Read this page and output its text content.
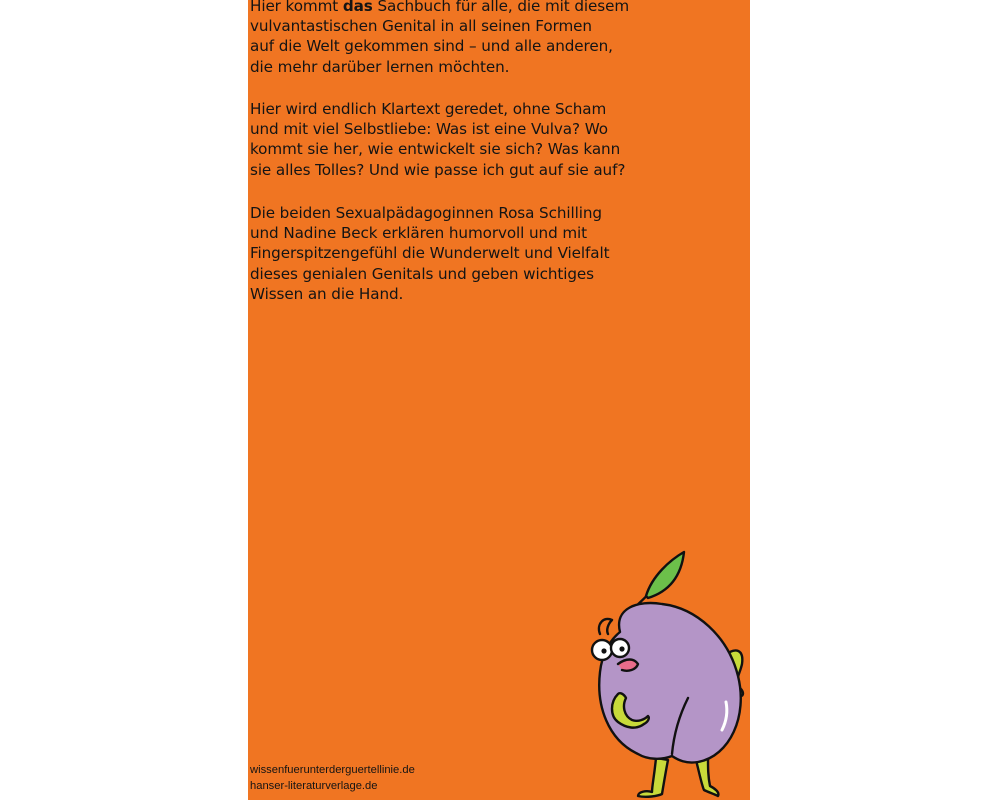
Hier kommt das Sachbuch für alle, die mit diesem
vulvantastischen Genital in all seinen Formen
auf die Welt gekommen sind – und alle anderen,
die mehr darüber lernen möchten.

Hier wird endlich Klartext geredet, ohne Scham
und mit viel Selbstliebe: Was ist eine Vulva? Wo
kommt sie her, wie entwickelt sie sich? Was kann
sie alles Tolles? Und wie passe ich gut auf sie auf?

Die beiden Sexualpädagoginnen Rosa Schilling
und Nadine Beck erklären humorvoll und mit
Fingerspitzengefühl die Wunderwelt und Vielfalt
dieses genialen Genitals und geben wichtiges
Wissen an die Hand.

wissenfuerunterderguertellinie.de
hanser-literaturverlage.de
